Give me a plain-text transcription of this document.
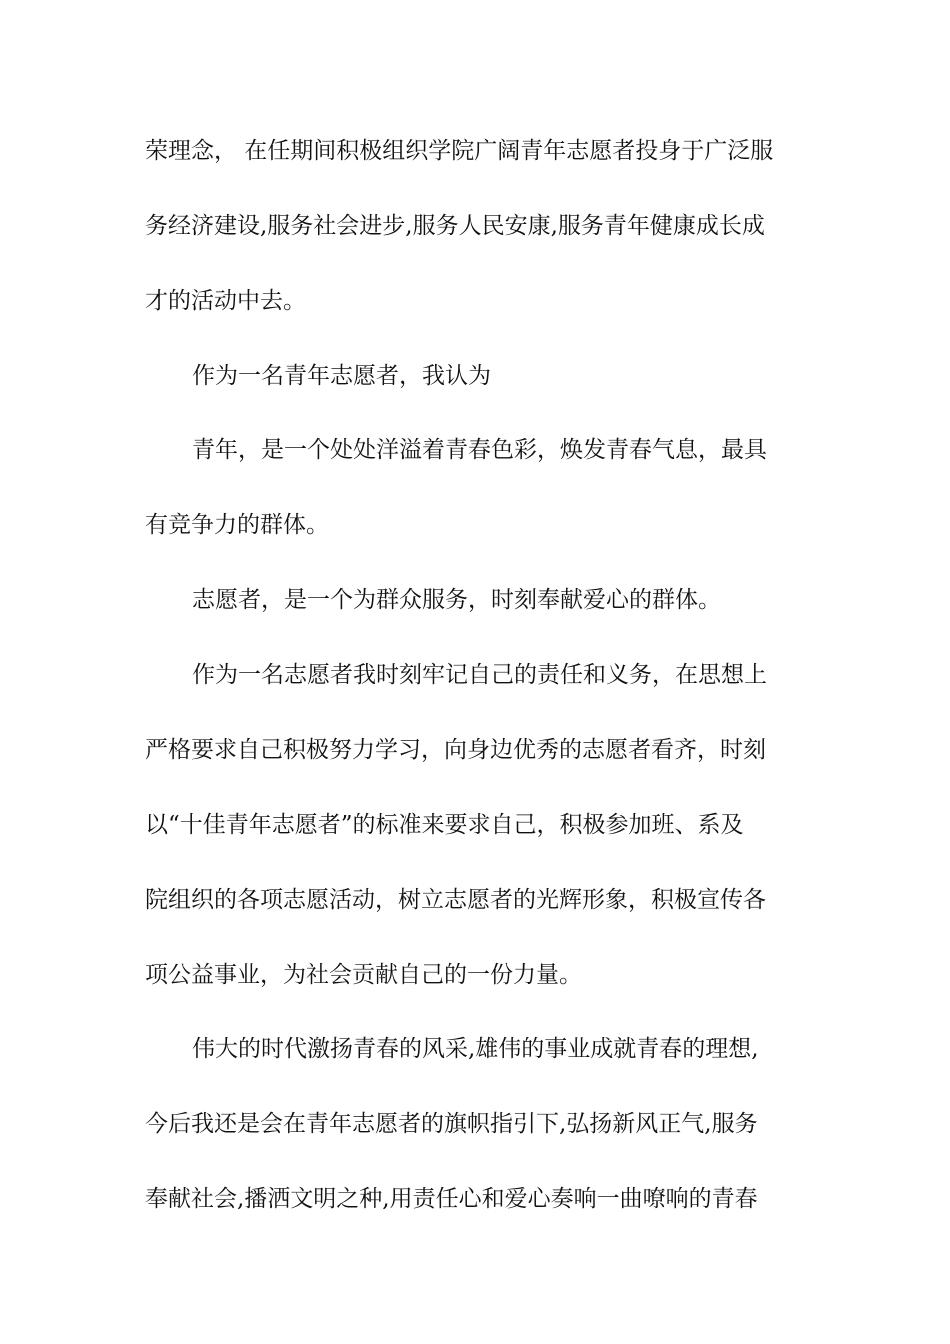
荣理念， 在任期间积极组织学院广阔青年志愿者投身于广泛服
务经济建设,服务社会进步,服务人民安康,服务青年健康成长成
才的活动中去。
作为一名青年志愿者，我认为
青年，是一个处处洋溢着青春色彩，焕发青春气息，最具
有竞争力的群体。
志愿者，是一个为群众服务，时刻奉献爱心的群体。
作为一名志愿者我时刻牢记自己的责任和义务，在思想上
严格要求自己积极努力学习，向身边优秀的志愿者看齐，时刻
以“十佳青年志愿者”的标准来要求自己，积极参加班、系及
院组织的各项志愿活动，树立志愿者的光辉形象，积极宣传各
项公益事业，为社会贡献自己的一份力量。
伟大的时代激扬青春的风采,雄伟的事业成就青春的理想,
今后我还是会在青年志愿者的旗帜指引下,弘扬新风正气,服务
奉献社会,播洒文明之种,用责任心和爱心奏响一曲嘹响的青春
